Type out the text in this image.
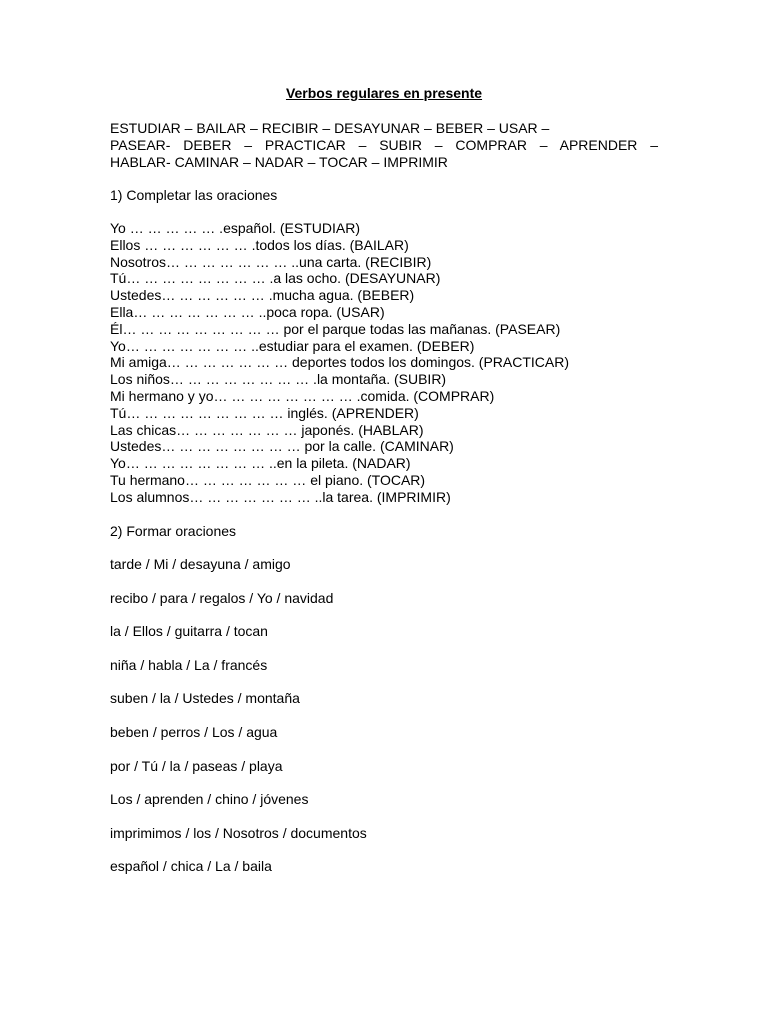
Verbos regulares en presente
ESTUDIAR – BAILAR – RECIBIR – DESAYUNAR – BEBER – USAR –
PASEAR- DEBER – PRACTICAR – SUBIR – COMPRAR – APRENDER –
HABLAR- CAMINAR – NADAR – TOCAR – IMPRIMIR

1) Completar las oraciones

Yo … … … … … .español. (ESTUDIAR)
Ellos … … … … … … .todos los días. (BAILAR)
Nosotros… … … … … … … ..una carta. (RECIBIR)
Tú… … … … … … … … .a las ocho. (DESAYUNAR)
Ustedes… … … … … … .mucha agua. (BEBER)
Ella… … … … … … … ..poca ropa. (USAR)
Él… … … … … … … … … por el parque todas las mañanas. (PASEAR)
Yo… … … … … … … ..estudiar para el examen. (DEBER)
Mi amiga… … … … … … … deportes todos los domingos. (PRACTICAR)
Los niños… … … … … … … … .la montaña. (SUBIR)
Mi hermano y yo… … … … … … … … .comida. (COMPRAR)
Tú… … … … … … … … … inglés. (APRENDER)
Las chicas… … … … … … … japonés. (HABLAR)
Ustedes… … … … … … … … por la calle. (CAMINAR)
Yo… … … … … … … … ..en la pileta. (NADAR)
Tu hermano… … … … … … … el piano. (TOCAR)
Los alumnos… … … … … … … ..la tarea. (IMPRIMIR)

2) Formar oraciones

tarde / Mi / desayuna / amigo
recibo / para / regalos / Yo / navidad
la / Ellos / guitarra / tocan
niña / habla / La / francés
suben / la / Ustedes / montaña
beben / perros / Los / agua
por / Tú / la / paseas / playa
Los / aprenden / chino / jóvenes
imprimimos / los / Nosotros / documentos
español / chica / La / baila
